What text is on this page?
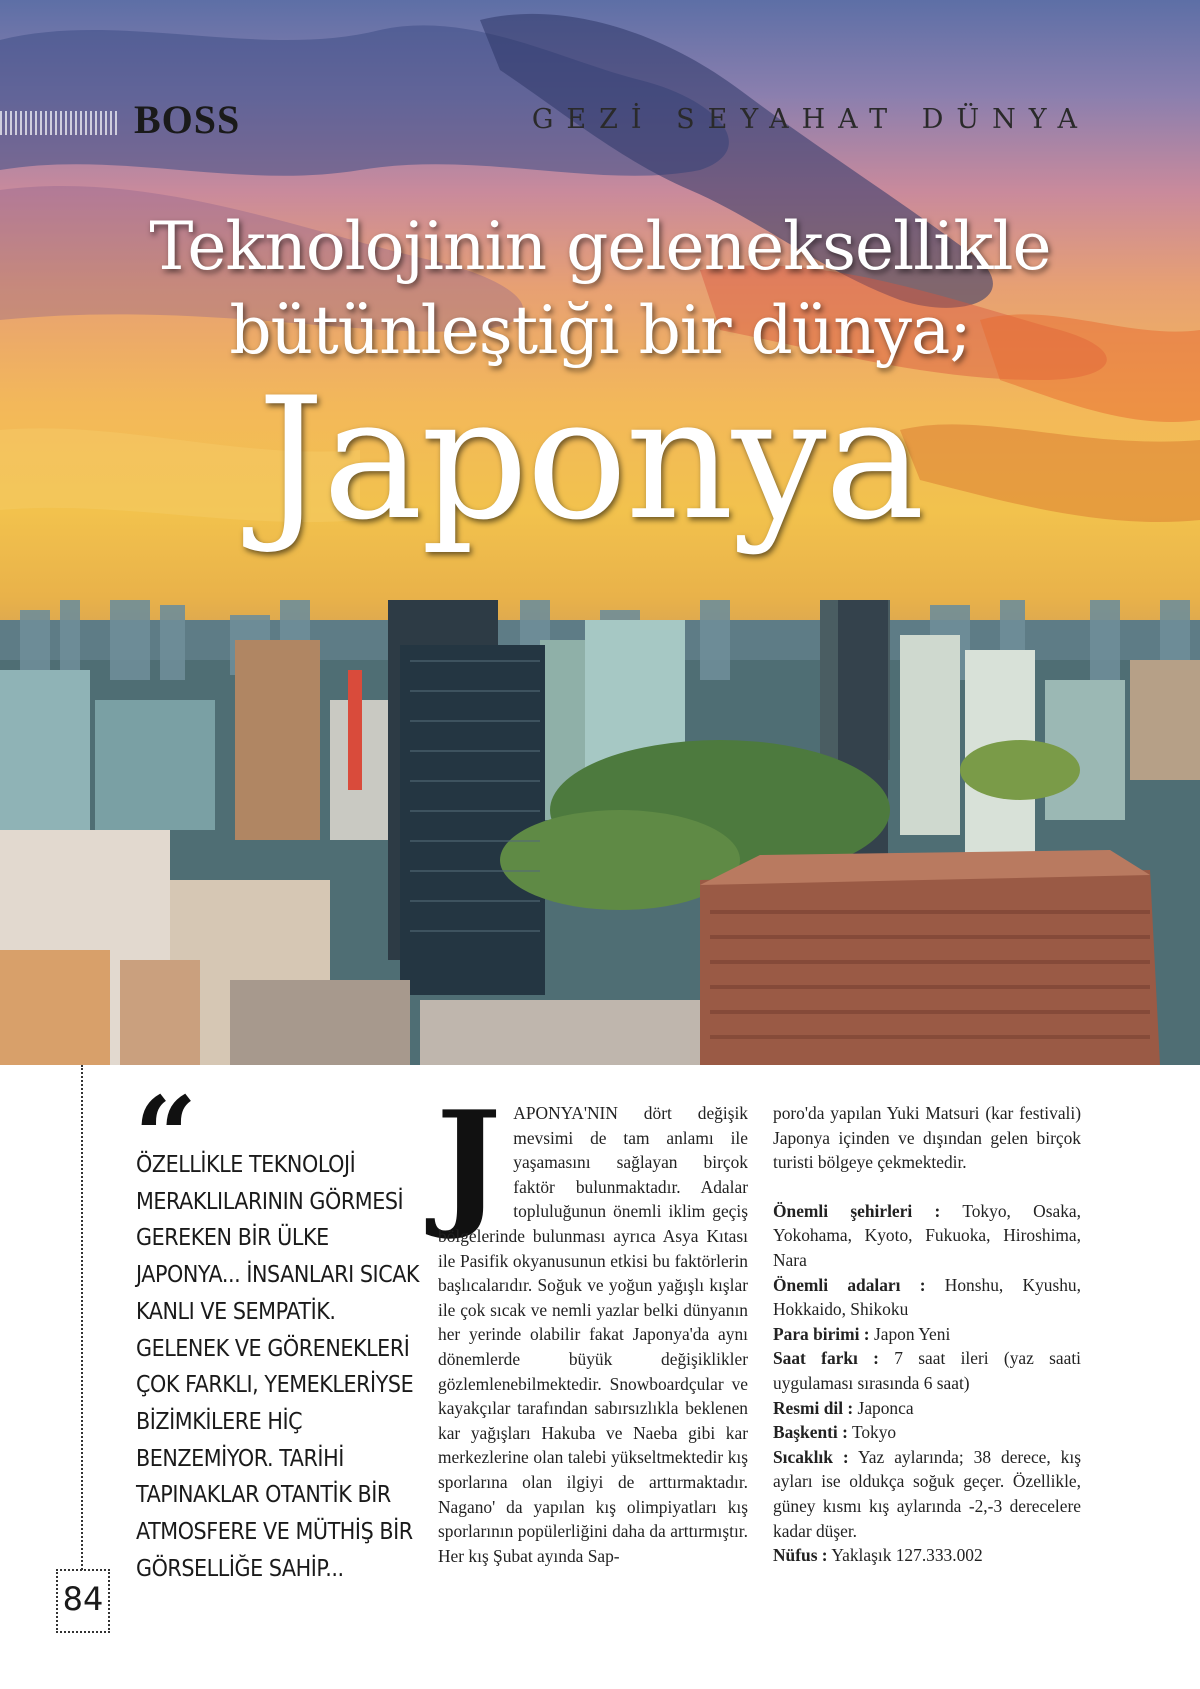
BOSS	GEZİ SEYAHAT DÜNYA
Teknolojinin geleneksellikle
bütünleştiği bir dünya;
Japonya
84
“
ÖZELLİKLE TEKNOLOJİ MERAKLILARININ GÖRMESİ GEREKEN BİR ÜLKE JAPONYA... İNSANLARI SICAK KANLI VE SEMPATİK. GELENEK VE GÖRENEKLERİ ÇOK FARKLI, YEMEKLERİYSE BİZİMKİLERE HİÇ BENZEMİYOR. TARİHİ TAPINAKLAR OTANTİK BİR ATMOSFERE VE MÜTHİŞ BİR GÖRSELLİĞE SAHİP...
J APONYA'NIN dört değişik mevsimi de tam anlamı ile yaşamasını sağlayan birçok faktör bulunmaktadır. Adalar topluluğunun önemli iklim geçiş bölgelerinde bulunması ayrıca Asya Kıtası ile Pasifik okyanusunun etkisi bu faktörlerin başlıcalarıdır. Soğuk ve yoğun yağışlı kışlar ile çok sıcak ve nemli yazlar belki dünyanın her yerinde olabilir fakat Japonya'da aynı dönemlerde büyük değişiklikler gözlemlenebilmektedir. Snowboardçular ve kayakçılar tarafından sabırsızlıkla beklenen kar yağışları Hakuba ve Naeba gibi kar merkezlerine olan talebi yükseltmektedir kış sporlarına olan ilgiyi de arttırmaktadır. Nagano' da yapılan kış olimpiyatları kış sporlarının popülerliğini daha da arttırmıştır. Her kış Şubat ayında Sap-

poro'da yapılan Yuki Matsuri (kar festivali) Japonya içinden ve dışından gelen birçok turisti bölgeye çekmektedir.

Önemli şehirleri : Tokyo, Osaka, Yokohama, Kyoto, Fukuoka, Hiroshima, Nara
Önemli adaları : Honshu, Kyushu, Hokkaido, Shikoku
Para birimi : Japon Yeni
Saat farkı : 7 saat ileri (yaz saati uygulaması sırasında 6 saat)
Resmi dil : Japonca
Başkenti : Tokyo
Sıcaklık : Yaz aylarında; 38 derece, kış ayları ise oldukça soğuk geçer. Özellikle, güney kısmı kış aylarında -2,-3 derecelere kadar düşer.
Nüfus : Yaklaşık 127.333.002
